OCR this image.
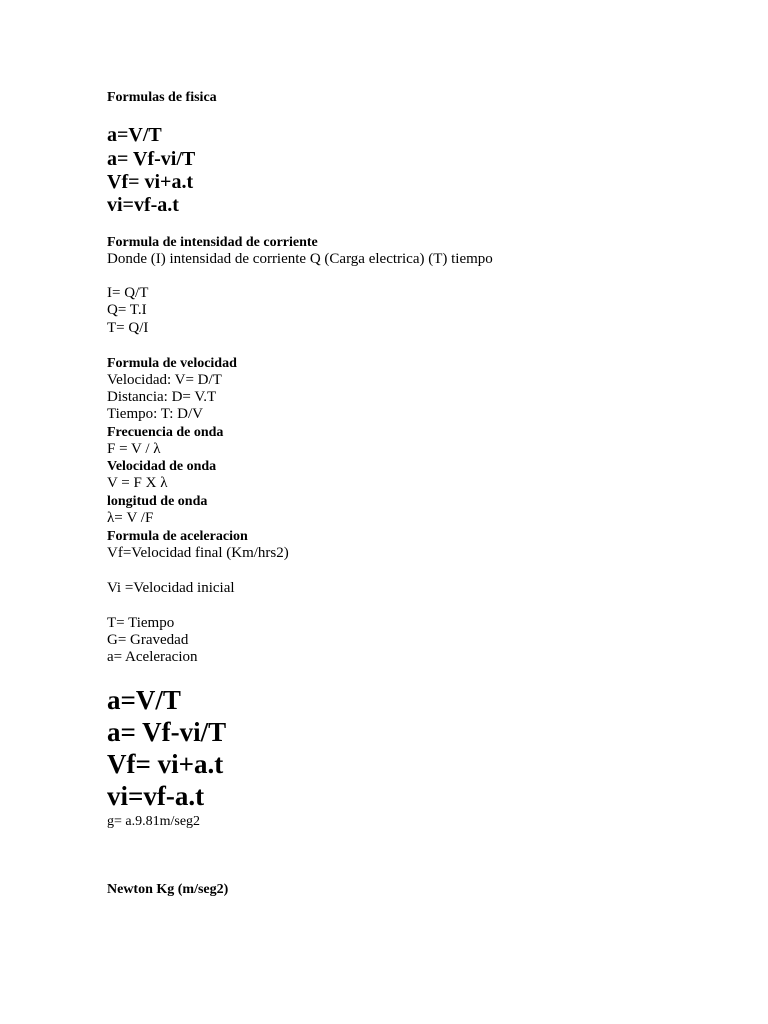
Formulas de fisica

a=V/T

a= Vf-vi/T

Vf= vi+a.t

vi=vf-a.t

Formula de intensidad de corriente

Donde (I) intensidad de corriente Q (Carga electrica) (T) tiempo

I= Q/T

Q= T.I

T= Q/I

Formula de velocidad

Velocidad: V= D/T

Distancia: D= V.T

Tiempo: T: D/V

Frecuencia de onda

F = V / λ

Velocidad de onda

V = F X λ

longitud de onda

λ= V /F

Formula de aceleracion

Vf=Velocidad final (Km/hrs2)

Vi =Velocidad inicial

T= Tiempo

G= Gravedad

a= Aceleracion

a=V/T

a= Vf-vi/T

Vf= vi+a.t

vi=vf-a.t

g= a.9.81m/seg2

Newton Kg (m/seg2)
